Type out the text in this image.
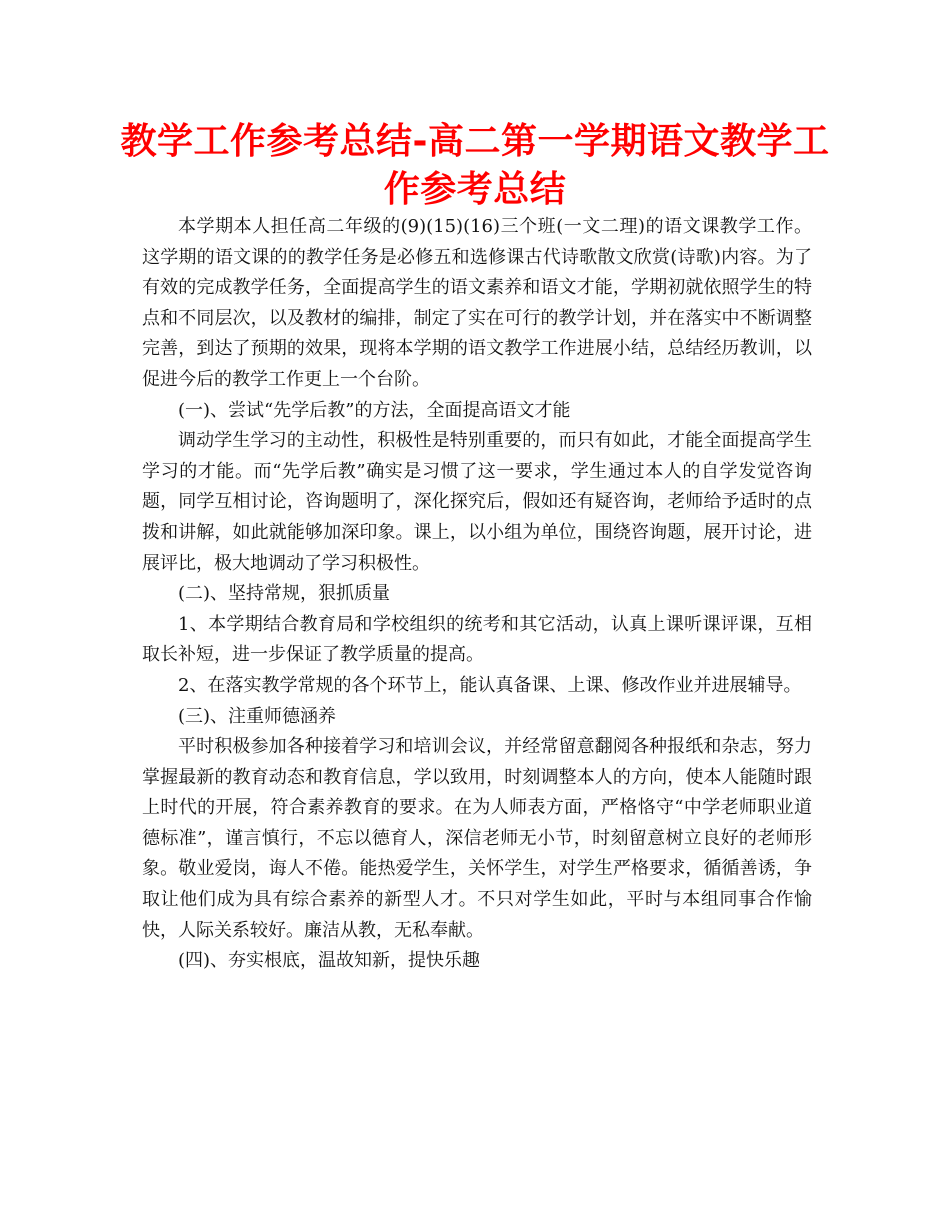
教学工作参考总结-高二第一学期语文教学工作参考总结

本学期本人担任高二年级的(9)(15)(16)三个班(一文二理)的语文课教学工作。这学期的语文课的的教学任务是必修五和选修课古代诗歌散文欣赏(诗歌)内容。为了有效的完成教学任务，全面提高学生的语文素养和语文才能，学期初就依照学生的特点和不同层次，以及教材的编排，制定了实在可行的教学计划，并在落实中不断调整完善，到达了预期的效果，现将本学期的语文教学工作进展小结，总结经历教训，以促进今后的教学工作更上一个台阶。

(一)、尝试“先学后教”的方法，全面提高语文才能

调动学生学习的主动性，积极性是特别重要的，而只有如此，才能全面提高学生学习的才能。而“先学后教”确实是习惯了这一要求，学生通过本人的自学发觉咨询题，同学互相讨论，咨询题明了，深化探究后，假如还有疑咨询，老师给予适时的点拨和讲解，如此就能够加深印象。课上，以小组为单位，围绕咨询题，展开讨论，进展评比，极大地调动了学习积极性。

(二)、坚持常规，狠抓质量

1、本学期结合教育局和学校组织的统考和其它活动，认真上课听课评课，互相取长补短，进一步保证了教学质量的提高。

2、在落实教学常规的各个环节上，能认真备课、上课、修改作业并进展辅导。

(三)、注重师德涵养

平时积极参加各种接着学习和培训会议，并经常留意翻阅各种报纸和杂志，努力掌握最新的教育动态和教育信息，学以致用，时刻调整本人的方向，使本人能随时跟上时代的开展，符合素养教育的要求。在为人师表方面，严格恪守“中学老师职业道德标准”，谨言慎行，不忘以德育人，深信老师无小节，时刻留意树立良好的老师形象。敬业爱岗，诲人不倦。能热爱学生，关怀学生，对学生严格要求，循循善诱，争取让他们成为具有综合素养的新型人才。不只对学生如此，平时与本组同事合作愉快，人际关系较好。廉洁从教，无私奉献。

(四)、夯实根底，温故知新，提快乐趣
